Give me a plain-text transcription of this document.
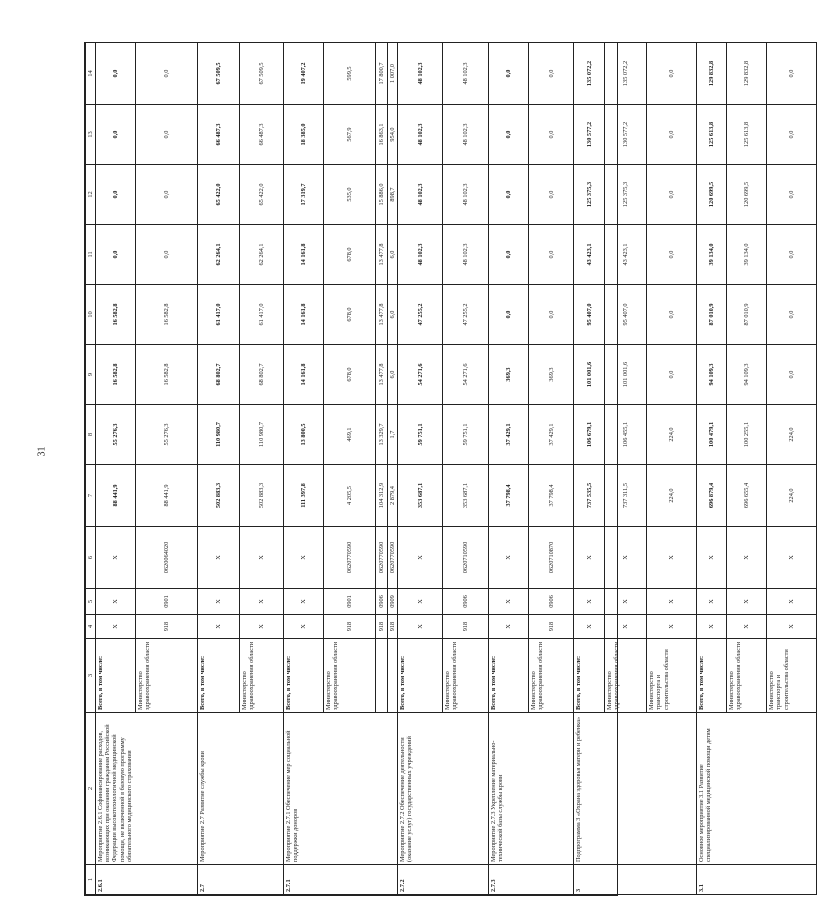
31
1	2	3	4	5	6	7	8	9	10	11	12	13	14
2.6.1	Мероприятие 2.6.1 Софинансирование расходов, возникающих при оказании гражданам Российской Федерации высокотехнологичной медицинской помощи, не включенной в базовую программу обязательного медицинского страхования	Всего, в том числе:	X	X	X	88 441,9	55 276,3	16 582,8	16 582,8	0,0	0,0	0,0	0,0
		Министерство здравоохранения области	918	0901	0620064020	88 441,9	55 276,3	16 582,8	16 582,8	0,0	0,0	0,0	0,0
2.7	Мероприятие 2.7 Развитие службы крови	Всего, в том числе:	X	X	X	502 883,3	110 980,7	68 802,7	61 417,0	62 264,1	65 422,0	66 487,3	67 509,5
		Министерство здравоохранения области	X	X	X	502 883,3	110 980,7	68 802,7	61 417,0	62 264,1	65 422,0	66 487,3	67 509,5
2.7.1	Мероприятие 2.7.1 Обеспечение мер социальной поддержки доноров	Всего, в том числе:	X	X	X	111 397,8	13 800,5	14 161,8	14 161,8	14 161,8	17 319,7	18 385,0	19 407,2
		Министерство здравоохранения области	918	0901	0620770590	4 205,5	469,1	678,0	678,0	678,0	535,0	567,9	599,5
			918	0906	0620770590	104 312,9	13 329,7	13 477,8	13 477,8	13 477,8	15 886,0	16 863,1	17 800,7
			918	0909	0620770590	2 879,4	1,7	6,0	6,0	6,0	898,7	954,0	1 007,0
2.7.2	Мероприятие 2.7.2 Обеспечение деятельности (оказание услуг) государственных учреждений	Всего, в том числе:	X	X	X	353 687,1	59 751,1	54 271,6	47 255,2	48 102,3	48 102,3	48 102,3	48 102,3
		Министерство здравоохранения области	918	0906	0620710590	353 687,1	59 751,1	54 271,6	47 255,2	48 102,3	48 102,3	48 102,3	48 102,3
2.7.3	Мероприятие 2.7.3 Укрепление материально-технической базы службы крови	Всего, в том числе:	X	X	X	37 798,4	37 429,1	369,3	0,0	0,0	0,0	0,0	0,0
		Министерство здравоохранения области	918	0906	0620710870	37 798,4	37 429,1	369,3	0,0	0,0	0,0	0,0	0,0
3	Подпрограмма 3 «Охрана здоровья матери и ребенка»	Всего, в том числе:	X	X	X	737 535,5	106 679,1	101 001,6	95 407,0	43 423,1	125 375,3	130 577,2	135 072,2
		Министерство здравоохранения области	X	X	X	737 311,5	106 455,1	101 001,6	95 407,0	43 423,1	125 375,3	130 577,2	135 072,2
		Министерство транспорта и строительства области	X	X	X	224,0	224,0	0,0	0,0	0,0	0,0	0,0	0,0
3.1	Основное мероприятие 3.1 Развитие специализированной медицинской помощи детям	Всего, в том числе:	X	X	X	696 879,4	100 479,1	94 109,3	87 010,9	39 134,0	120 699,5	125 613,8	129 832,8
		Министерство здравоохранения области	X	X	X	696 655,4	100 255,1	94 109,3	87 010,9	39 134,0	120 699,5	125 613,8	129 832,8
		Министерство транспорта и строительства области	X	X	X	224,0	224,0	0,0	0,0	0,0	0,0	0,0	0,0
